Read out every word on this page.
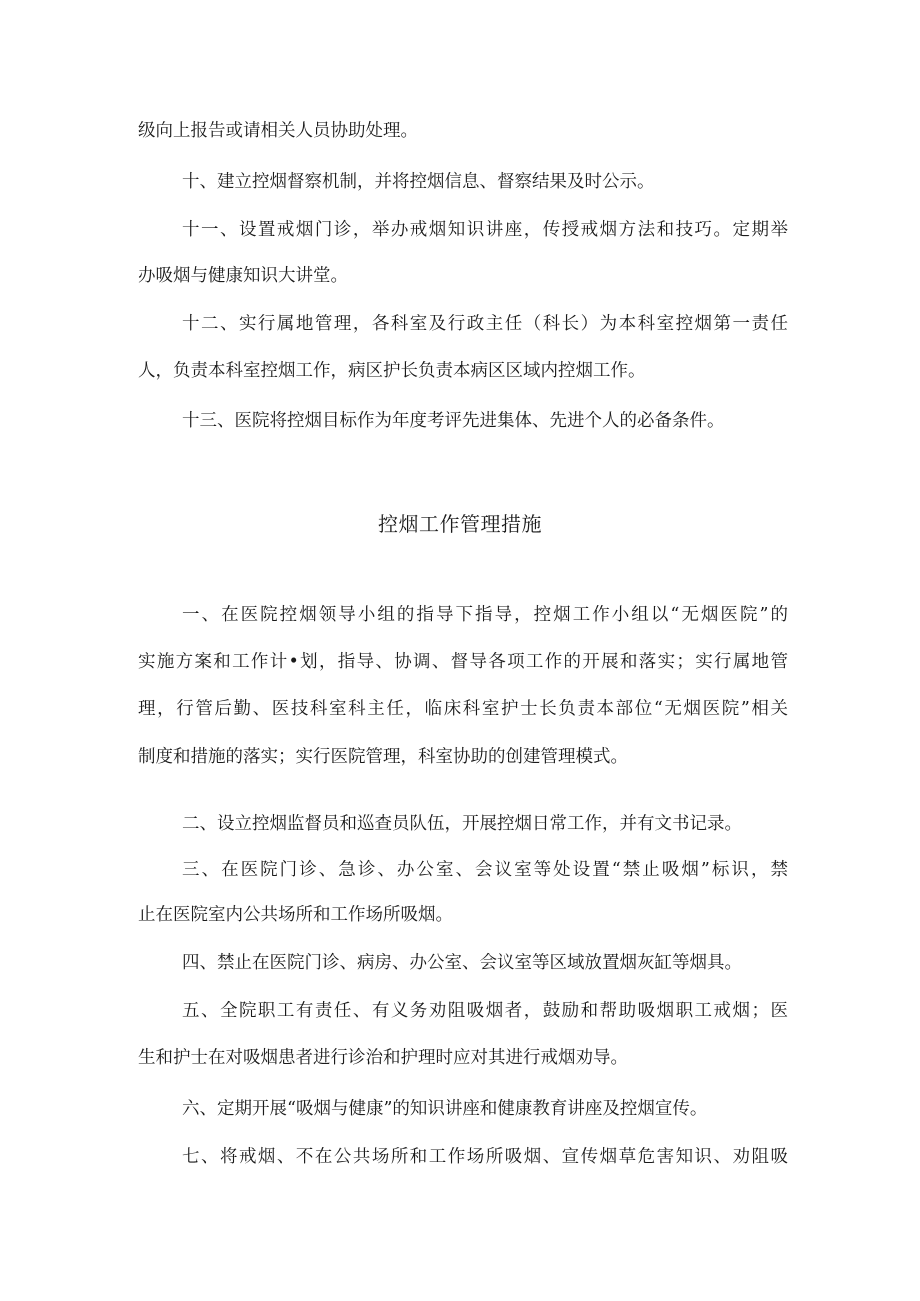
级向上报告或请相关人员协助处理。
十、建立控烟督察机制，并将控烟信息、督察结果及时公示。
十一、设置戒烟门诊，举办戒烟知识讲座，传授戒烟方法和技巧。定期举
办吸烟与健康知识大讲堂。
十二、实行属地管理，各科室及行政主任（科长）为本科室控烟第一责任
人，负责本科室控烟工作，病区护长负责本病区区域内控烟工作。
十三、医院将控烟目标作为年度考评先进集体、先进个人的必备条件。
控烟工作管理措施
一、在医院控烟领导小组的指导下指导，控烟工作小组以“无烟医院”的
实施方案和工作计•划，指导、协调、督导各项工作的开展和落实；实行属地管
理，行管后勤、医技科室科主任，临床科室护士长负责本部位“无烟医院”相关
制度和措施的落实；实行医院管理，科室协助的创建管理模式。
二、设立控烟监督员和巡查员队伍，开展控烟日常工作，并有文书记录。
三、在医院门诊、急诊、办公室、会议室等处设置“禁止吸烟”标识，禁
止在医院室内公共场所和工作场所吸烟。
四、禁止在医院门诊、病房、办公室、会议室等区域放置烟灰缸等烟具。
五、全院职工有责任、有义务劝阻吸烟者，鼓励和帮助吸烟职工戒烟；医
生和护士在对吸烟患者进行诊治和护理时应对其进行戒烟劝导。
六、定期开展“吸烟与健康”的知识讲座和健康教育讲座及控烟宣传。
七、将戒烟、不在公共场所和工作场所吸烟、宣传烟草危害知识、劝阻吸
